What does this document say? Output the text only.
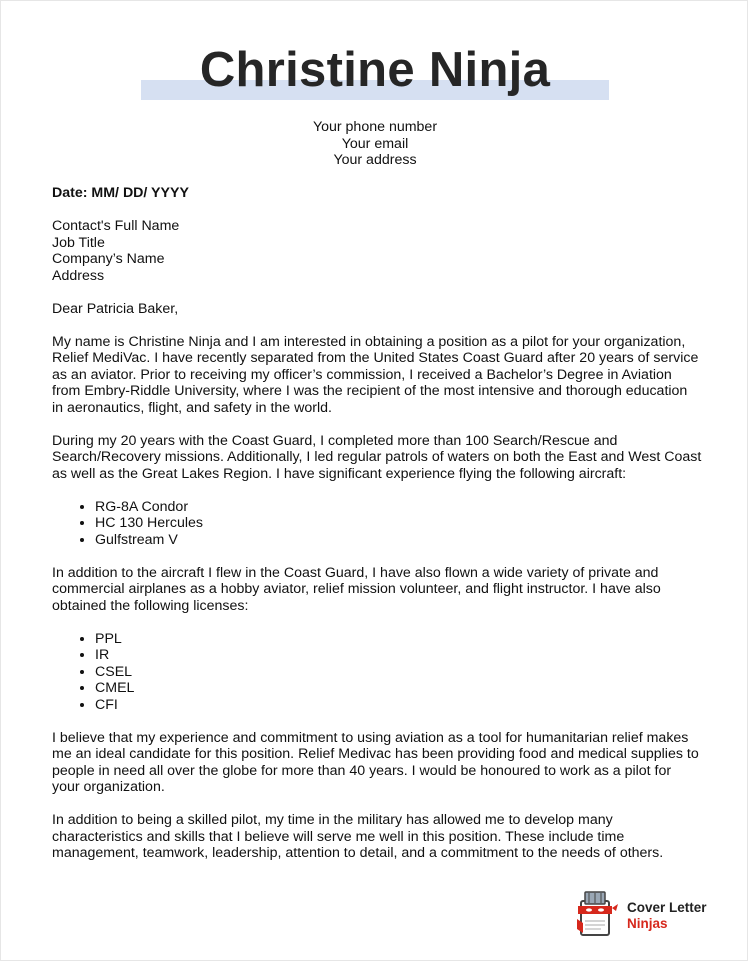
Christine Ninja
Your phone number
Your email
Your address

Date: MM/ DD/ YYYY

Contact's Full Name
Job Title
Company’s Name
Address

Dear Patricia Baker,

My name is Christine Ninja and I am interested in obtaining a position as a pilot for your organization, Relief MediVac. I have recently separated from the United States Coast Guard after 20 years of service as an aviator. Prior to receiving my officer’s commission, I received a Bachelor’s Degree in Aviation from Embry-Riddle University, where I was the recipient of the most intensive and thorough education in aeronautics, flight, and safety in the world.

During my 20 years with the Coast Guard, I completed more than 100 Search/Rescue and Search/Recovery missions. Additionally, I led regular patrols of waters on both the East and West Coast as well as the Great Lakes Region. I have significant experience flying the following aircraft:

• RG-8A Condor
• HC 130 Hercules
• Gulfstream V

In addition to the aircraft I flew in the Coast Guard, I have also flown a wide variety of private and commercial airplanes as a hobby aviator, relief mission volunteer, and flight instructor. I have also obtained the following licenses:

• PPL
• IR
• CSEL
• CMEL
• CFI

I believe that my experience and commitment to using aviation as a tool for humanitarian relief makes me an ideal candidate for this position. Relief Medivac has been providing food and medical supplies to people in need all over the globe for more than 40 years. I would be honoured to work as a pilot for your organization.

In addition to being a skilled pilot, my time in the military has allowed me to develop many characteristics and skills that I believe will serve me well in this position. These include time management, teamwork, leadership, attention to detail, and a commitment to the needs of others.

Cover Letter
Ninjas
